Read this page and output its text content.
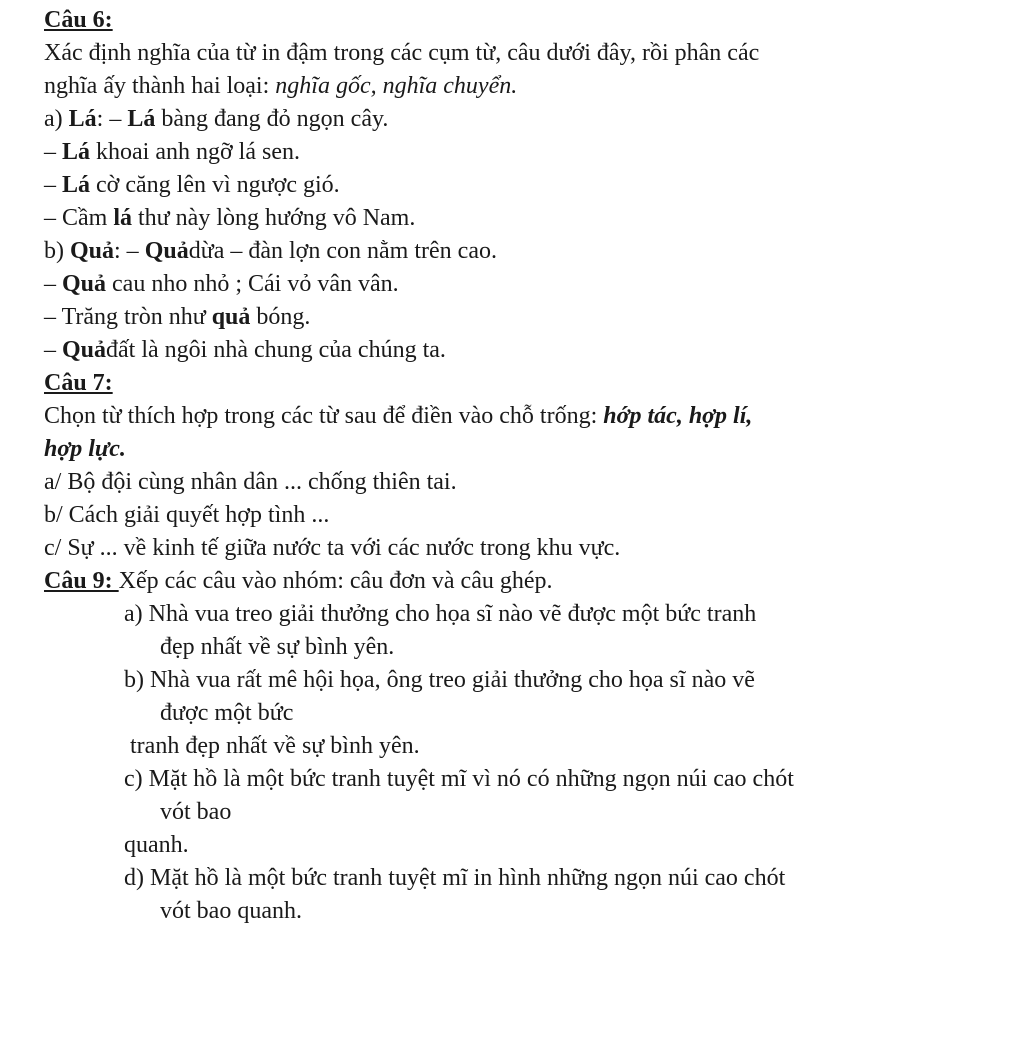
Câu 6:
Xác định nghĩa của từ in đậm trong các cụm từ, câu dưới đây, rồi phân các
nghĩa ấy thành hai loại: nghĩa gốc, nghĩa chuyển.
a) Lá: – Lá bàng đang đỏ ngọn cây.
– Lá khoai anh ngỡ lá sen.
– Lá cờ căng lên vì ngược gió.
– Cầm lá thư này lòng hướng vô Nam.
b) Quả: – Quảdừa – đàn lợn con nằm trên cao.
– Quả cau nho nhỏ ; Cái vỏ vân vân.
– Trăng tròn như quả bóng.
– Quảđất là ngôi nhà chung của chúng ta.
Câu 7:
Chọn từ thích hợp trong các từ sau để điền vào chỗ trống: hớp tác, hợp lí,
hợp lực.
a/ Bộ đội cùng nhân dân ... chống thiên tai.
b/ Cách giải quyết hợp tình ...
c/ Sự ... về kinh tế giữa nước ta với các nước trong khu vực.
Câu 9: Xếp các câu vào nhóm: câu đơn và câu ghép.
a) Nhà vua treo giải thưởng cho họa sĩ nào vẽ được một bức tranh
đẹp nhất về sự bình yên.
b) Nhà vua rất mê hội họa, ông treo giải thưởng cho họa sĩ nào vẽ
được một bức
tranh đẹp nhất về sự bình yên.
c) Mặt hồ là một bức tranh tuyệt mĩ vì nó có những ngọn núi cao chót
vót bao
quanh.
d) Mặt hồ là một bức tranh tuyệt mĩ in hình những ngọn núi cao chót
vót bao quanh.
